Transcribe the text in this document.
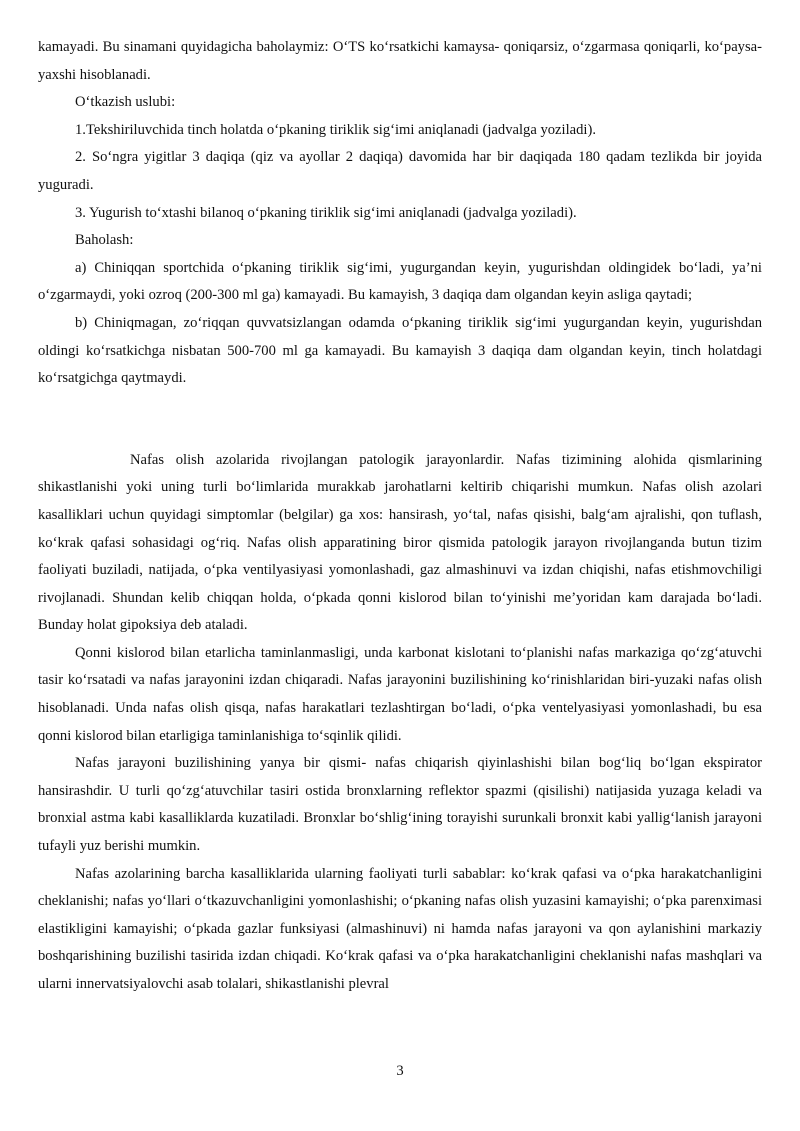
kamayadi. Bu sinamani quyidagicha baholaymiz: O‘TS ko‘rsatkichi kamaysa- qoniqarsiz, o‘zgarmasa qoniqarli, ko‘paysa- yaxshi hisoblanadi.

O‘tkazish uslubi:

1.Tekshiriluvchida tinch holatda o‘pkaning tiriklik sig‘imi aniqlanadi (jadvalga yoziladi).

2. So‘ngra yigitlar 3 daqiqa (qiz va ayollar 2 daqiqa) davomida har bir daqiqada 180 qadam tezlikda bir joyida yuguradi.

3. Yugurish to‘xtashi bilanoq o‘pkaning tiriklik sig‘imi aniqlanadi (jadvalga yoziladi).

Baholash:

a) Chiniqqan sportchida o‘pkaning tiriklik sig‘imi, yugurgandan keyin, yugurishdan oldingidek bo‘ladi, ya’ni o‘zgarmaydi, yoki ozroq (200-300 ml ga) kamayadi. Bu kamayish, 3 daqiqa dam olgandan keyin asliga qaytadi;

b) Chiniqmagan, zo‘riqqan quvvatsizlangan odamda o‘pkaning tiriklik sig‘imi yugurgandan keyin, yugurishdan oldingi ko‘rsatkichga nisbatan 500-700 ml ga kamayadi. Bu kamayish 3 daqiqa dam olgandan keyin, tinch holatdagi ko‘rsatgichga qaytmaydi.

Nafas olish azolarida rivojlangan patologik jarayonlardir. Nafas tizimining alohida qismlarining shikastlanishi yoki uning turli bo‘limlarida murakkab jarohatlarni keltirib chiqarishi mumkun. Nafas olish azolari kasalliklari uchun quyidagi simptomlar (belgilar) ga xos: hansirash, yo‘tal, nafas qisishi, balg‘am ajralishi, qon tuflash, ko‘krak qafasi sohasidagi og‘riq. Nafas olish apparatining biror qismida patologik jarayon rivojlanganda butun tizim faoliyati buziladi, natijada, o‘pka ventilyasiyasi yomonlashadi, gaz almashinuvi va izdan chiqishi, nafas etishmovchiligi rivojlanadi. Shundan kelib chiqqan holda, o‘pkada qonni kislorod bilan to‘yinishi me’yoridan kam darajada bo‘ladi. Bunday holat gipoksiya deb ataladi.

Qonni kislorod bilan etarlicha taminlanmasligi, unda karbonat kislotani to‘planishi nafas markaziga qo‘zg‘atuvchi tasir ko‘rsatadi va nafas jarayonini izdan chiqaradi. Nafas jarayonini buzilishining ko‘rinishlaridan biri-yuzaki nafas olish hisoblanadi. Unda nafas olish qisqa, nafas harakatlari tezlashtirgan bo‘ladi, o‘pka ventelyasiyasi yomonlashadi, bu esa qonni kislorod bilan etarligiga taminlanishiga to‘sqinlik qilidi.

Nafas jarayoni buzilishining yanya bir qismi- nafas chiqarish qiyinlashishi bilan bog‘liq bo‘lgan ekspirator hansirashdir. U turli qo‘zg‘atuvchilar tasiri ostida bronxlarning reflektor spazmi (qisilishi) natijasida yuzaga keladi va bronxial astma kabi kasalliklarda kuzatiladi. Bronxlar bo‘shlig‘ining torayishi surunkali bronxit kabi yallig‘lanish jarayoni tufayli yuz berishi mumkin.

Nafas azolarining barcha kasalliklarida ularning faoliyati turli sabablar: ko‘krak qafasi va o‘pka harakatchanligini cheklanishi; nafas yo‘llari o‘tkazuvchanligini yomonlashishi; o‘pkaning nafas olish yuzasini kamayishi; o‘pka parenximasi elastikligini kamayishi; o‘pkada gazlar funksiyasi (almashinuvi) ni hamda nafas jarayoni va qon aylanishini markaziy boshqarishining buzilishi tasirida izdan chiqadi. Ko‘krak qafasi va o‘pka harakatchanligini cheklanishi nafas mashqlari va ularni innervatsiyalovchi asab tolalari, shikastlanishi plevral

3
